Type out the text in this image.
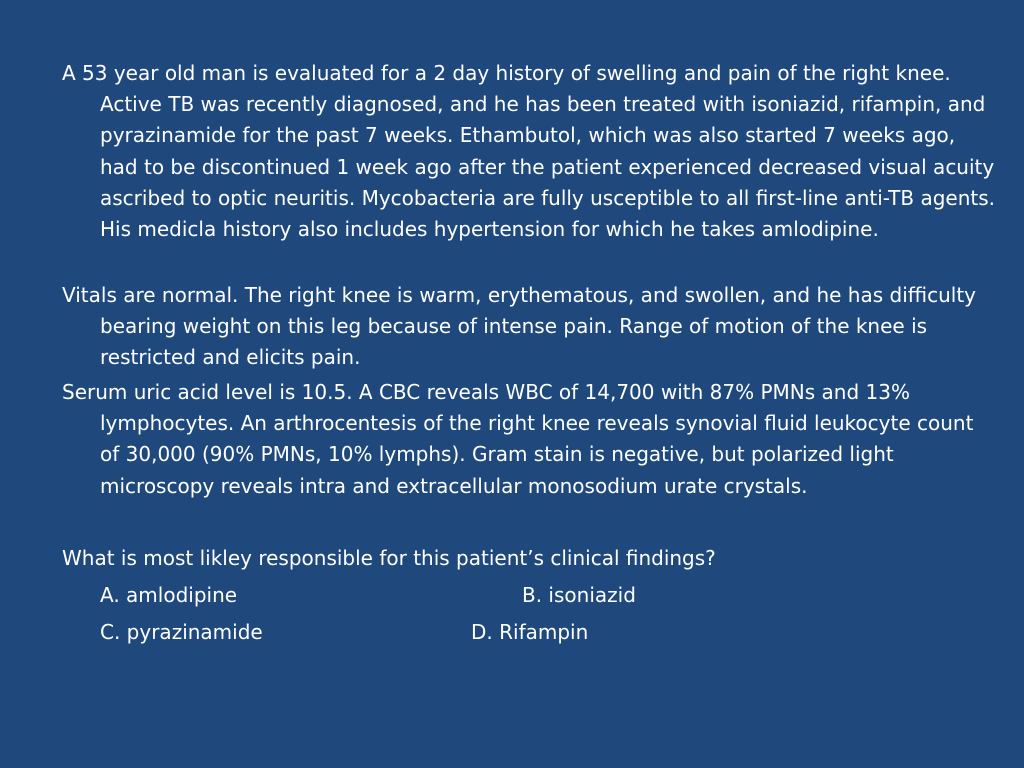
A 53 year old man is evaluated for a 2 day history of swelling and pain of the right knee. Active TB was recently diagnosed, and he has been treated with isoniazid, rifampin, and pyrazinamide for the past 7 weeks. Ethambutol, which was also started 7 weeks ago, had to be discontinued 1 week ago after the patient experienced decreased visual acuity ascribed to optic neuritis. Mycobacteria are fully usceptible to all first-line anti-TB agents. His medicla history also includes hypertension for which he takes amlodipine.

Vitals are normal. The right knee is warm, erythematous, and swollen, and he has difficulty bearing weight on this leg because of intense pain. Range of motion of the knee is restricted and elicits pain.

Serum uric acid level is 10.5. A CBC reveals WBC of 14,700 with 87% PMNs and 13% lymphocytes. An arthrocentesis of the right knee reveals synovial fluid leukocyte count of 30,000 (90% PMNs, 10% lymphs). Gram stain is negative, but polarized light microscopy reveals intra and extracellular monosodium urate crystals.

What is most likley responsible for this patient’s clinical findings?

A. amlodipine	B. isoniazid

C. pyrazinamide	D. Rifampin
